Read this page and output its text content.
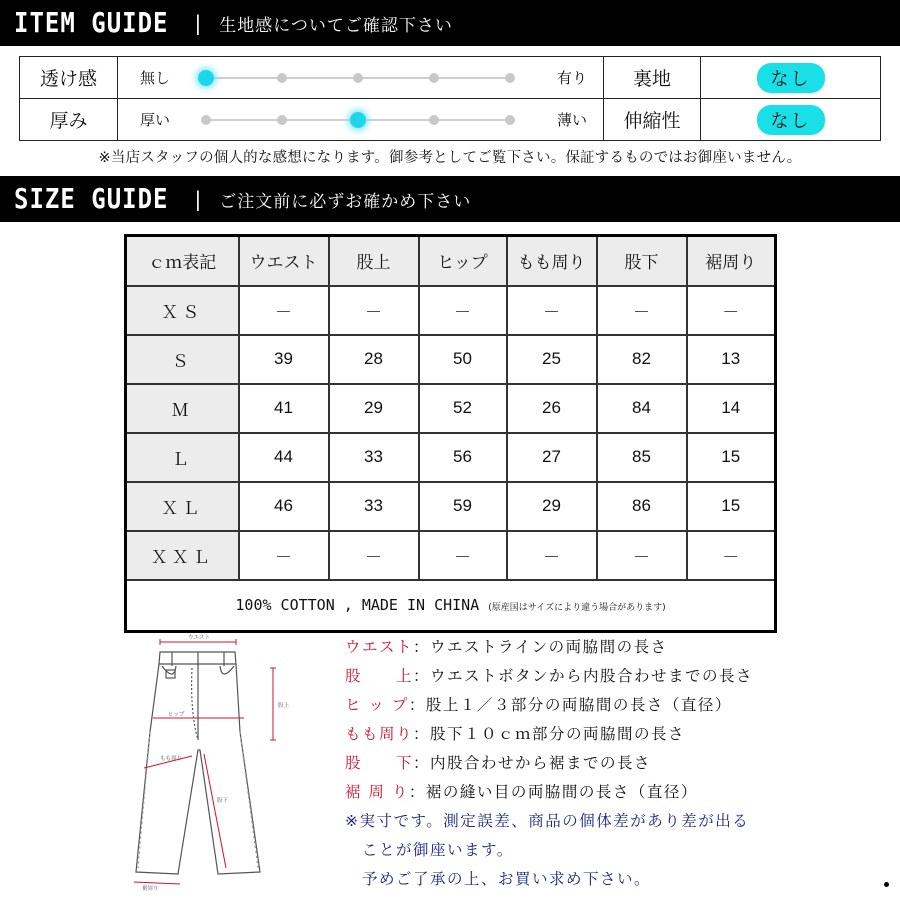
ITEM GUIDE | 生地感についてご確認下さい
透け感	無し 有り	裏地	なし
厚み	厚い 薄い	伸縮性	なし
※当店スタッフの個人的な感想になります。御参考としてご覧下さい。保証するものではお御座いません。
SIZE GUIDE | ご注文前に必ずお確かめ下さい
ｃｍ表記	ウエスト	股上	ヒップ	もも周り	股下	裾周り
ＸＳ	－	－	－	－	－	－
Ｓ	39	28	50	25	82	13
Ｍ	41	29	52	26	84	14
Ｌ	44	33	56	27	85	15
ＸＬ	46	33	59	29	86	15
ＸＸＬ	－	－	－	－	－	－
100% COTTON , MADE IN CHINA (原産国はサイズにより違う場合があります)						
ウエスト
股上
ヒップ
もも周り
股下
裾周り
ウエスト：ウエストラインの両脇間の長さ
股　　上：ウエストボタンから内股合わせまでの長さ
ヒ ッ プ：股上１／３部分の両脇間の長さ（直径）
もも周り：股下１０ｃｍ部分の両脇間の長さ
股　　下：内股合わせから裾までの長さ
裾 周 り：裾の縫い目の両脇間の長さ（直径）
※実寸です。測定誤差、商品の個体差があり差が出る
ことが御座います。
予めご了承の上、お買い求め下さい。
